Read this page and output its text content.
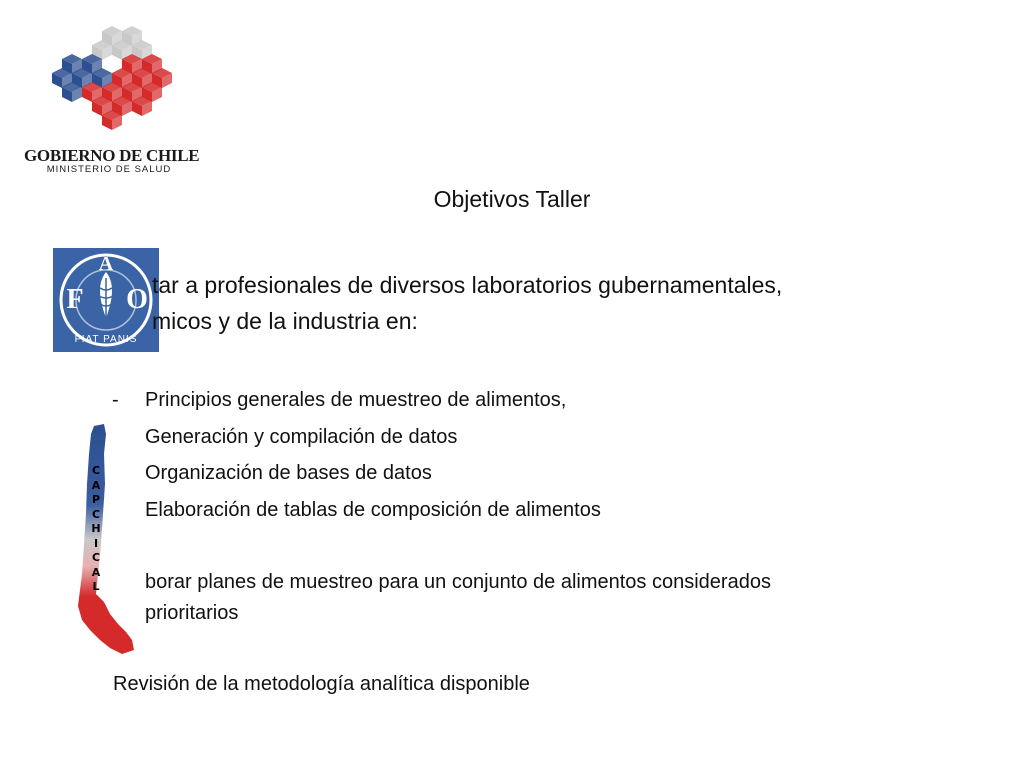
GOBIERNO DE CHILE
MINISTERIO DE SALUD
Objetivos Taller
F
A
O
FIAT PANIS
tar a profesionales de diversos laboratorios gubernamentales,
micos y de la industria en:
C
A
P
C
H
I
C
A
L
- Principios generales de muestreo de alimentos,
Generación y compilación de datos
Organización de bases de datos
Elaboración de tablas de composición de alimentos
borar planes de muestreo para un conjunto de alimentos considerados
prioritarios
Revisión de la metodología analítica disponible
